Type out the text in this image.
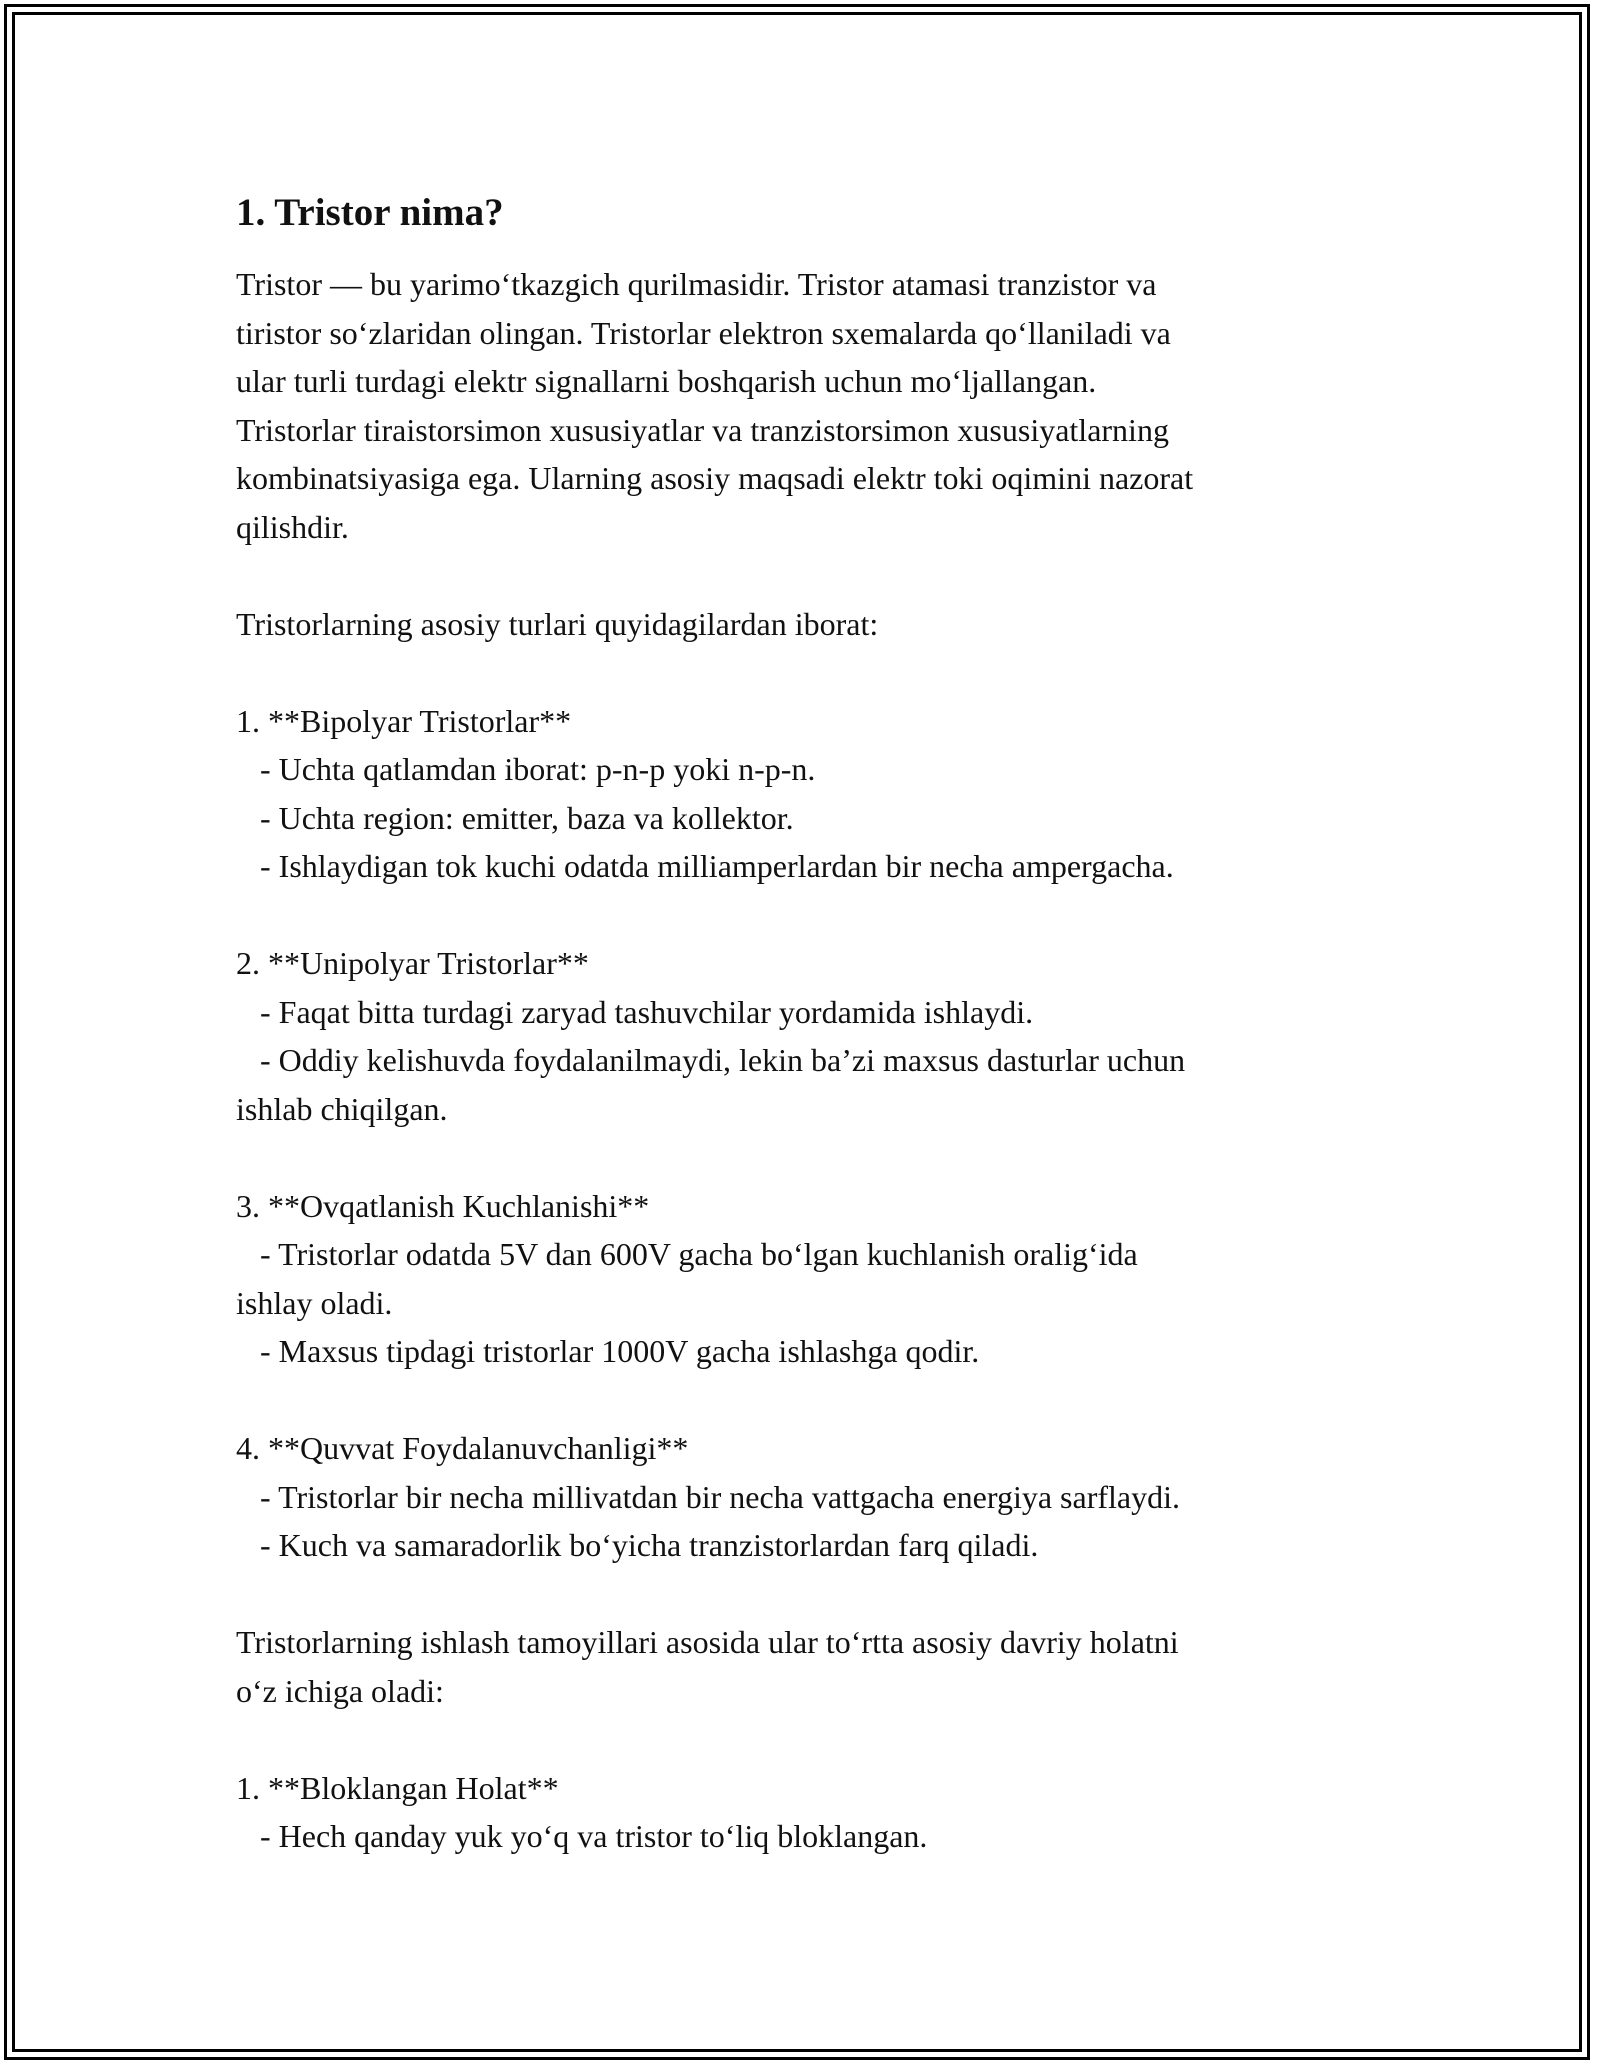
1. Tristor nima?

Tristor — bu yarimo‘tkazgich qurilmasidir. Tristor atamasi tranzistor va

tiristor so‘zlaridan olingan. Tristorlar elektron sxemalarda qo‘llaniladi va

ular turli turdagi elektr signallarni boshqarish uchun mo‘ljallangan.

Tristorlar tiraistorsimon xususiyatlar va tranzistorsimon xususiyatlarning

kombinatsiyasiga ega. Ularning asosiy maqsadi elektr toki oqimini nazorat

qilishdir.

Tristorlarning asosiy turlari quyidagilardan iborat:

1. **Bipolyar Tristorlar**

- Uchta qatlamdan iborat: p-n-p yoki n-p-n.

- Uchta region: emitter, baza va kollektor.

- Ishlaydigan tok kuchi odatda milliamperlardan bir necha ampergacha.

2. **Unipolyar Tristorlar**

- Faqat bitta turdagi zaryad tashuvchilar yordamida ishlaydi.

- Oddiy kelishuvda foydalanilmaydi, lekin ba’zi maxsus dasturlar uchun

ishlab chiqilgan.

3. **Ovqatlanish Kuchlanishi**

- Tristorlar odatda 5V dan 600V gacha bo‘lgan kuchlanish oralig‘ida

ishlay oladi.

- Maxsus tipdagi tristorlar 1000V gacha ishlashga qodir.

4. **Quvvat Foydalanuvchanligi**

- Tristorlar bir necha millivatdan bir necha vattgacha energiya sarflaydi.

- Kuch va samaradorlik bo‘yicha tranzistorlardan farq qiladi.

Tristorlarning ishlash tamoyillari asosida ular to‘rtta asosiy davriy holatni

o‘z ichiga oladi:

1. **Bloklangan Holat**

- Hech qanday yuk yo‘q va tristor to‘liq bloklangan.
